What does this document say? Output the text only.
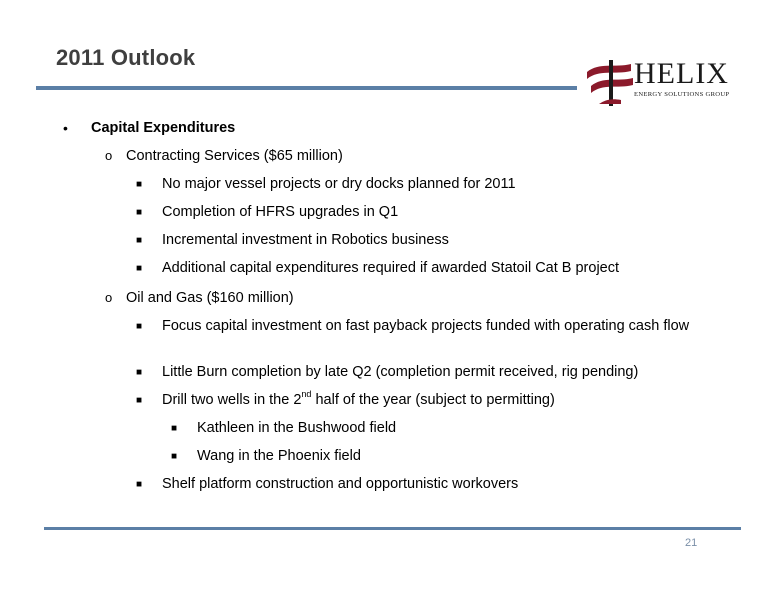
2011 Outlook	HELIX
ENERGY SOLUTIONS GROUP
• Capital Expenditures
o Contracting Services ($65 million)
■ No major vessel projects or dry docks planned for 2011
■ Completion of HFRS upgrades in Q1
■ Incremental investment in Robotics business
■ Additional capital expenditures required if awarded Statoil Cat B project
o Oil and Gas ($160 million)
■ Focus capital investment on fast payback projects funded with operating cash flow
■ Little Burn completion by late Q2 (completion permit received, rig pending)
■ Drill two wells in the 2nd half of the year (subject to permitting)
■ Kathleen in the Bushwood field
■ Wang in the Phoenix field
■ Shelf platform construction and opportunistic workovers
21
